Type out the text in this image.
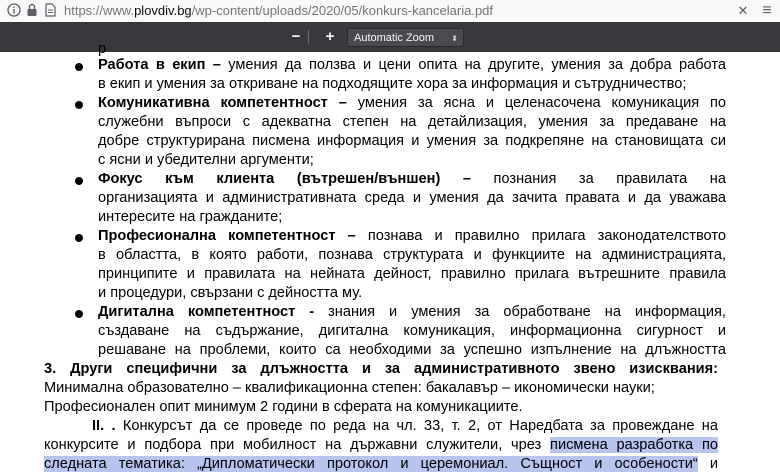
https://www.plovdiv.bg/wp-content/uploads/2020/05/konkurs-kancelaria.pdf	✕ ≡
−	+	Automatic Zoom ⬍
р
Работа в екип – умения да ползва и цени опита на другите, умения за добра работа
в екип и умения за откриване на подходящите хора за информация и сътрудничество;
Комуникативна компетентност – умения за ясна и целенасочена комуникация по
служебни въпроси с адекватна степен на детайлизация, умения за предаване на
добре структурирана писмена информация и умения за подкрепяне на становищата си
с ясни и убедителни аргументи;
Фокус към клиента (вътрешен/външен) – познания за правилата на
организацията и административната среда и умения да зачита правата и да уважава
интересите на гражданите;
Професионална компетентност – познава и правилно прилага законодателството
в областта, в която работи, познава структурата и функциите на администрацията,
принципите и правилата на нейната дейност, правилно прилага вътрешните правила
и процедури, свързани с дейността му.
Дигитална компетентност - знания и умения за обработване на информация,
създаване на съдържание, дигитална комуникация, информационна сигурност и
решаване на проблеми, които са необходими за успешно изпълнение на длъжността
3. Други специфични за длъжността и за административното звено изисквания:
Минимална образователно – квалификационна степен: бакалавър – икономически науки;
Професионален опит минимум 2 години в сферата на комуникациите.
II. . Конкурсът да се проведе по реда на чл. 33, т. 2, от Наредбата за провеждане на
конкурсите и подбора при мобилност на държавни служители, чрез писмена разработка по
следната тематика: „Дипломатически протокол и церемониал. Същност и особености“ и
